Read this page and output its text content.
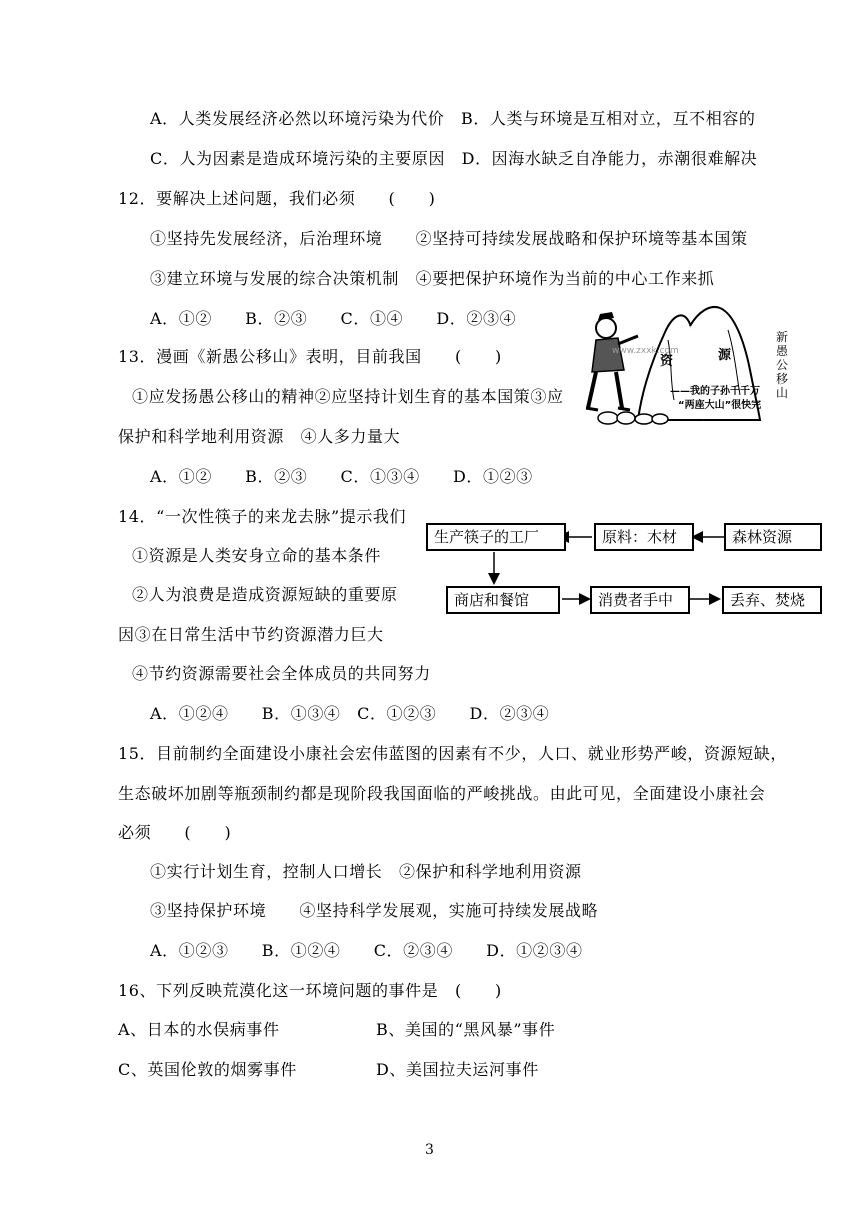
A．人类发展经济必然以环境污染为代价　B．人类与环境是互相对立，互不相容的
C．人为因素是造成环境污染的主要原因　D．因海水缺乏自净能力，赤潮很难解决
12．要解决上述问题，我们必须　　(　　)
①坚持先发展经济，后治理环境　　②坚持可持续发展战略和保护环境等基本国策
③建立环境与发展的综合决策机制　④要把保护环境作为当前的中心工作来抓
A．①②　　B．②③　　C．①④　　D．②③④
13．漫画《新愚公移山》表明，目前我国　　(　　)
①应发扬愚公移山的精神②应坚持计划生育的基本国策③应
保护和科学地利用资源　④人多力量大
A．①②　　B．②③　　C．①③④　　D．①②③
14．“一次性筷子的来龙去脉”提示我们
①资源是人类安身立命的基本条件
②人为浪费是造成资源短缺的重要原
因③在日常生活中节约资源潜力巨大
④节约资源需要社会全体成员的共同努力
A．①②④　　B．①③④　C．①②③　　D．②③④
15．目前制约全面建设小康社会宏伟蓝图的因素有不少，人口、就业形势严峻，资源短缺，
生态破坏加剧等瓶颈制约都是现阶段我国面临的严峻挑战。由此可见，全面建设小康社会
必须　　(　　)
①实行计划生育，控制人口增长　②保护和科学地利用资源
③坚持保护环境　　④坚持科学发展观，实施可持续发展战略
A．①②③　　B．①②④　　C．②③④　　D．①②③④
16、下列反映荒漠化这一环境问题的事件是　(　　)
A、日本的水俣病事件	B、美国的“黑风暴”事件
C、英国伦敦的烟雾事件	D、美国拉夫运河事件
www.zxxk.com
资	源
——我的子孙千千万
“两座大山”很快完
新愚公移山
生产筷子的工厂	原料：木材	森林资源
商店和餐馆	消费者手中	丢弃、焚烧
3
